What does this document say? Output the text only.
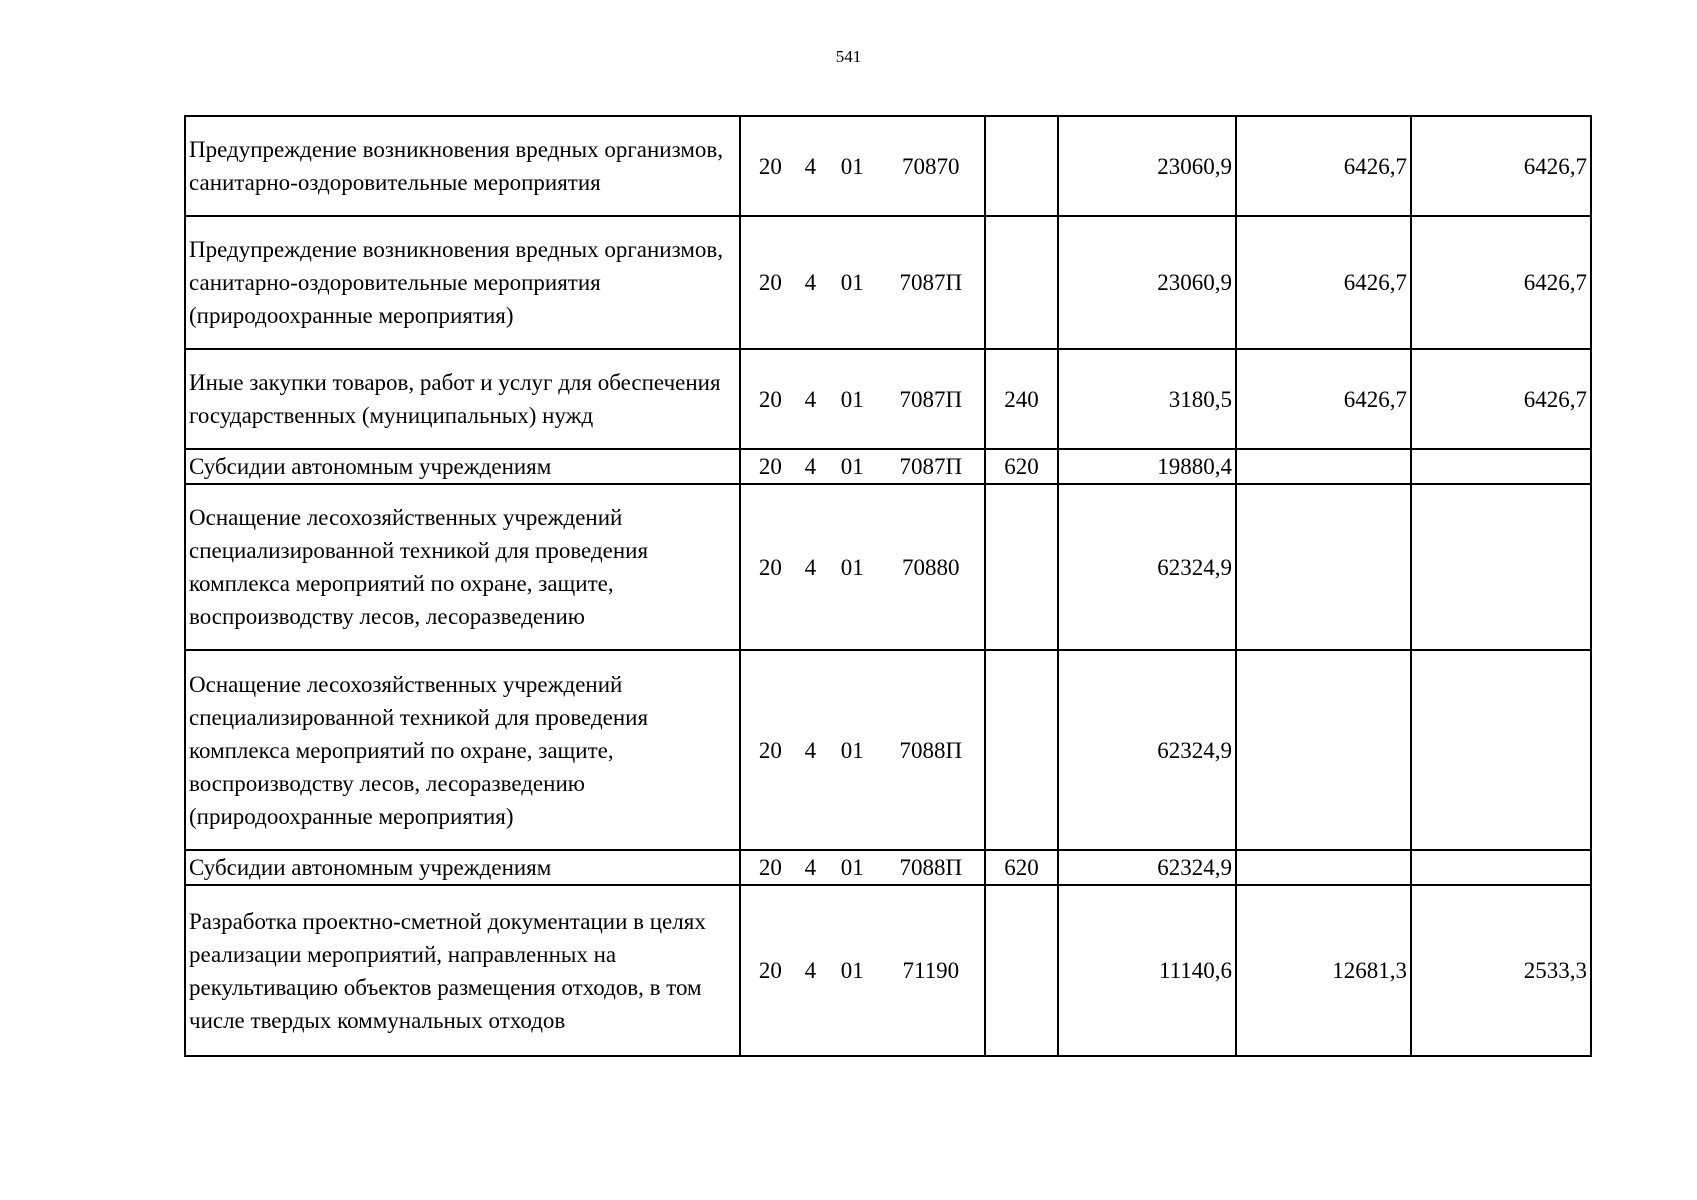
541
Предупреждение возникновения вредных организмов, санитарно-оздоровительные мероприятия	20 4 01 70870		23060,9	6426,7	6426,7
Предупреждение возникновения вредных организмов, санитарно-оздоровительные мероприятия (природоохранные мероприятия)	20 4 01 7087П		23060,9	6426,7	6426,7
Иные закупки товаров, работ и услуг для обеспечения государственных (муниципальных) нужд	20 4 01 7087П	240	3180,5	6426,7	6426,7
Субсидии автономным учреждениям	20 4 01 7087П	620	19880,4		
Оснащение лесохозяйственных учреждений специализированной техникой для проведения комплекса мероприятий по охране, защите, воспроизводству лесов, лесоразведению	20 4 01 70880		62324,9		
Оснащение лесохозяйственных учреждений специализированной техникой для проведения комплекса мероприятий по охране, защите, воспроизводству лесов, лесоразведению (природоохранные мероприятия)	20 4 01 7088П		62324,9		
Субсидии автономным учреждениям	20 4 01 7088П	620	62324,9		
Разработка проектно-сметной документации в целях реализации мероприятий, направленных на рекультивацию объектов размещения отходов, в том числе твердых коммунальных отходов	20 4 01 71190		11140,6	12681,3	2533,3
